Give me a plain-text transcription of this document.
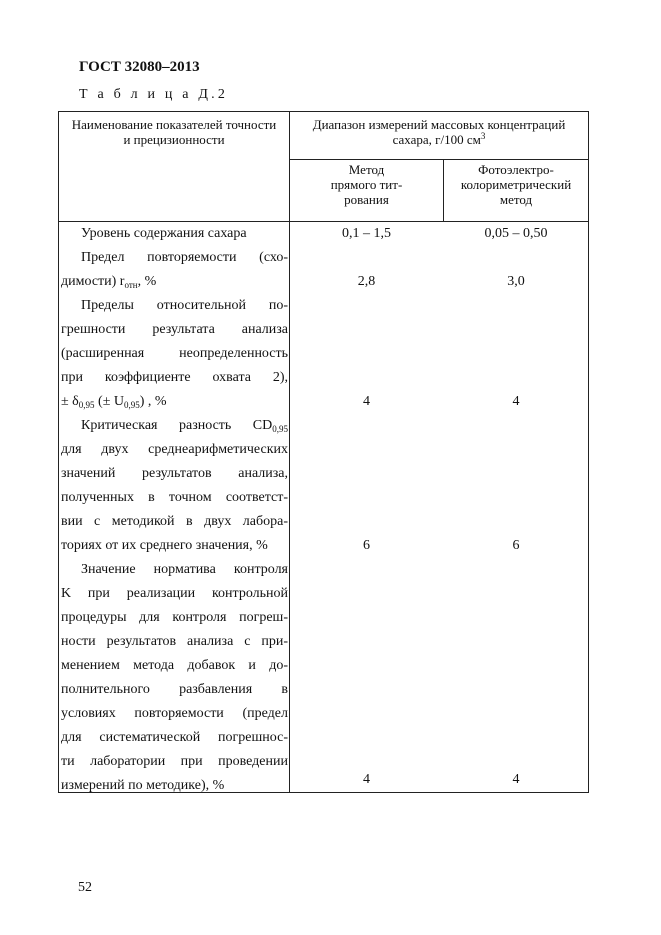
ГОСТ 32080–2013
Т а б л и ц а Д.2
Наименование показателей точности и прецизионности
Диапазон измерений массовых концентраций сахара, г/100 $см^3$
Метод
прямого тит-
рования
Фотоэлектро-
колориметрический
метод
Уровень содержания сахара	0,1 – 1,5	0,05 – 0,50
Предел повторяемости (схо-
димости) $r_{отн}$, %	2,8	3,0
Пределы относительной по-
грешности результата анализа
(расширенная неопределенность
при коэффициенте охвата 2),
± $\delta_{0,95}$ (± $U_{0,95}$) , %	4	4
Критическая разность $CD_{0,95}$
для двух среднеарифметических
значений результатов анализа,
полученных в точном соответст-
вии с методикой в двух лабора-
ториях от их среднего значения, %	6	6
Значение норматива контроля
K при реализации контрольной
процедуры для контроля погреш-
ности результатов анализа с при-
менением метода добавок и до-
полнительного разбавления в
условиях повторяемости (предел
для систематической погрешнос-
ти лаборатории при проведении
измерений по методике), %	4	4
52
